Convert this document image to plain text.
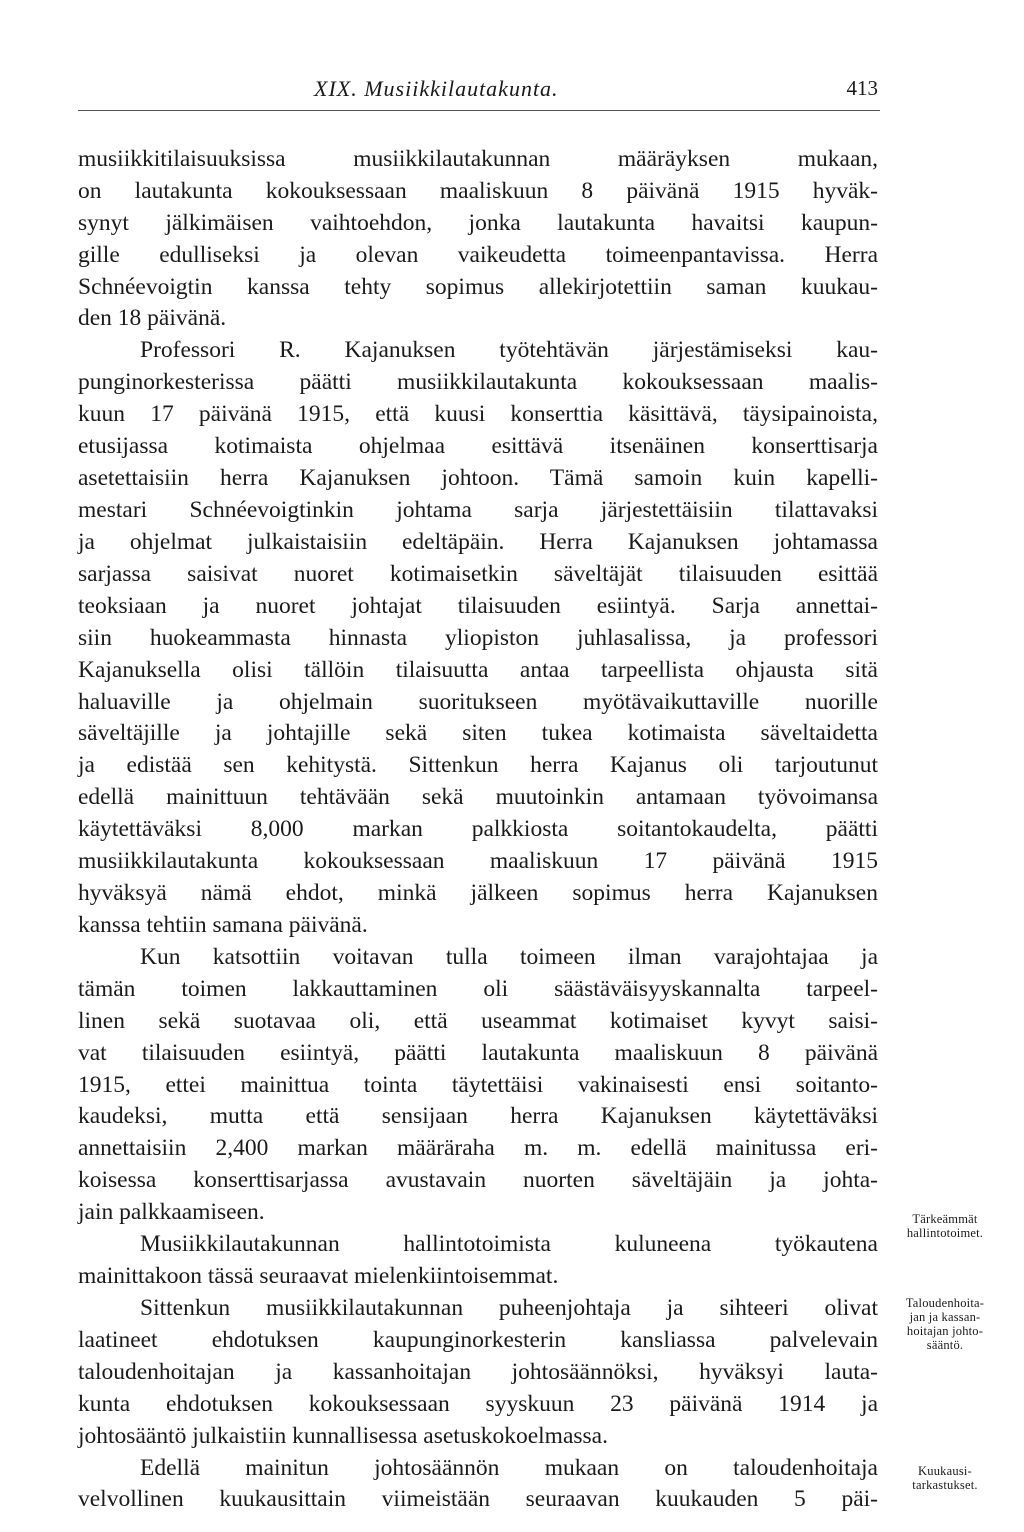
XIX. Musiikkilautakunta.	413
musiikkitilaisuuksissa musiikkilautakunnan määräyksen mukaan,
on lautakunta kokouksessaan maaliskuun 8 päivänä 1915 hyväk-
synyt jälkimäisen vaihtoehdon, jonka lautakunta havaitsi kaupun-
gille edulliseksi ja olevan vaikeudetta toimeenpantavissa. Herra
Schnéevoigtin kanssa tehty sopimus allekirjotettiin saman kuukau-
den 18 päivänä.
Professori R. Kajanuksen työtehtävän järjestämiseksi kau-
punginorkesterissa päätti musiikkilautakunta kokouksessaan maalis-
kuun 17 päivänä 1915, että kuusi konserttia käsittävä, täysipainoista,
etusijassa kotimaista ohjelmaa esittävä itsenäinen konserttisarja
asetettaisiin herra Kajanuksen johtoon. Tämä samoin kuin kapelli-
mestari Schnéevoigtinkin johtama sarja järjestettäisiin tilattavaksi
ja ohjelmat julkaistaisiin edeltäpäin. Herra Kajanuksen johtamassa
sarjassa saisivat nuoret kotimaisetkin säveltäjät tilaisuuden esittää
teoksiaan ja nuoret johtajat tilaisuuden esiintyä. Sarja annettai-
siin huokeammasta hinnasta yliopiston juhlasalissa, ja professori
Kajanuksella olisi tällöin tilaisuutta antaa tarpeellista ohjausta sitä
haluaville ja ohjelmain suoritukseen myötävaikuttaville nuorille
säveltäjille ja johtajille sekä siten tukea kotimaista säveltaidetta
ja edistää sen kehitystä. Sittenkun herra Kajanus oli tarjoutunut
edellä mainittuun tehtävään sekä muutoinkin antamaan työvoimansa
käytettäväksi 8,000 markan palkkiosta soitantokaudelta, päätti
musiikkilautakunta kokouksessaan maaliskuun 17 päivänä 1915
hyväksyä nämä ehdot, minkä jälkeen sopimus herra Kajanuksen
kanssa tehtiin samana päivänä.
Kun katsottiin voitavan tulla toimeen ilman varajohtajaa ja
tämän toimen lakkauttaminen oli säästäväisyyskannalta tarpeel-
linen sekä suotavaa oli, että useammat kotimaiset kyvyt saisi-
vat tilaisuuden esiintyä, päätti lautakunta maaliskuun 8 päivänä
1915, ettei mainittua tointa täytettäisi vakinaisesti ensi soitanto-
kaudeksi, mutta että sensijaan herra Kajanuksen käytettäväksi
annettaisiin 2,400 markan määräraha m. m. edellä mainitussa eri-
koisessa konserttisarjassa avustavain nuorten säveltäjäin ja johta-
jain palkkaamiseen.
Musiikkilautakunnan hallintotoimista kuluneena työkautena
mainittakoon tässä seuraavat mielenkiintoisemmat.
Sittenkun musiikkilautakunnan puheenjohtaja ja sihteeri olivat
laatineet ehdotuksen kaupunginorkesterin kansliassa palvelevain
taloudenhoitajan ja kassanhoitajan johtosäännöksi, hyväksyi lauta-
kunta ehdotuksen kokouksessaan syyskuun 23 päivänä 1914 ja
johtosääntö julkaistiin kunnallisessa asetuskokoelmassa.
Edellä mainitun johtosäännön mukaan on taloudenhoitaja
velvollinen kuukausittain viimeistään seuraavan kuukauden 5 päi-
Tärkeämmät
hallintotoimet.
Taloudenhoita-
jan ja kassan-
hoitajan johto-
sääntö.
Kuukausi-
tarkastukset.
